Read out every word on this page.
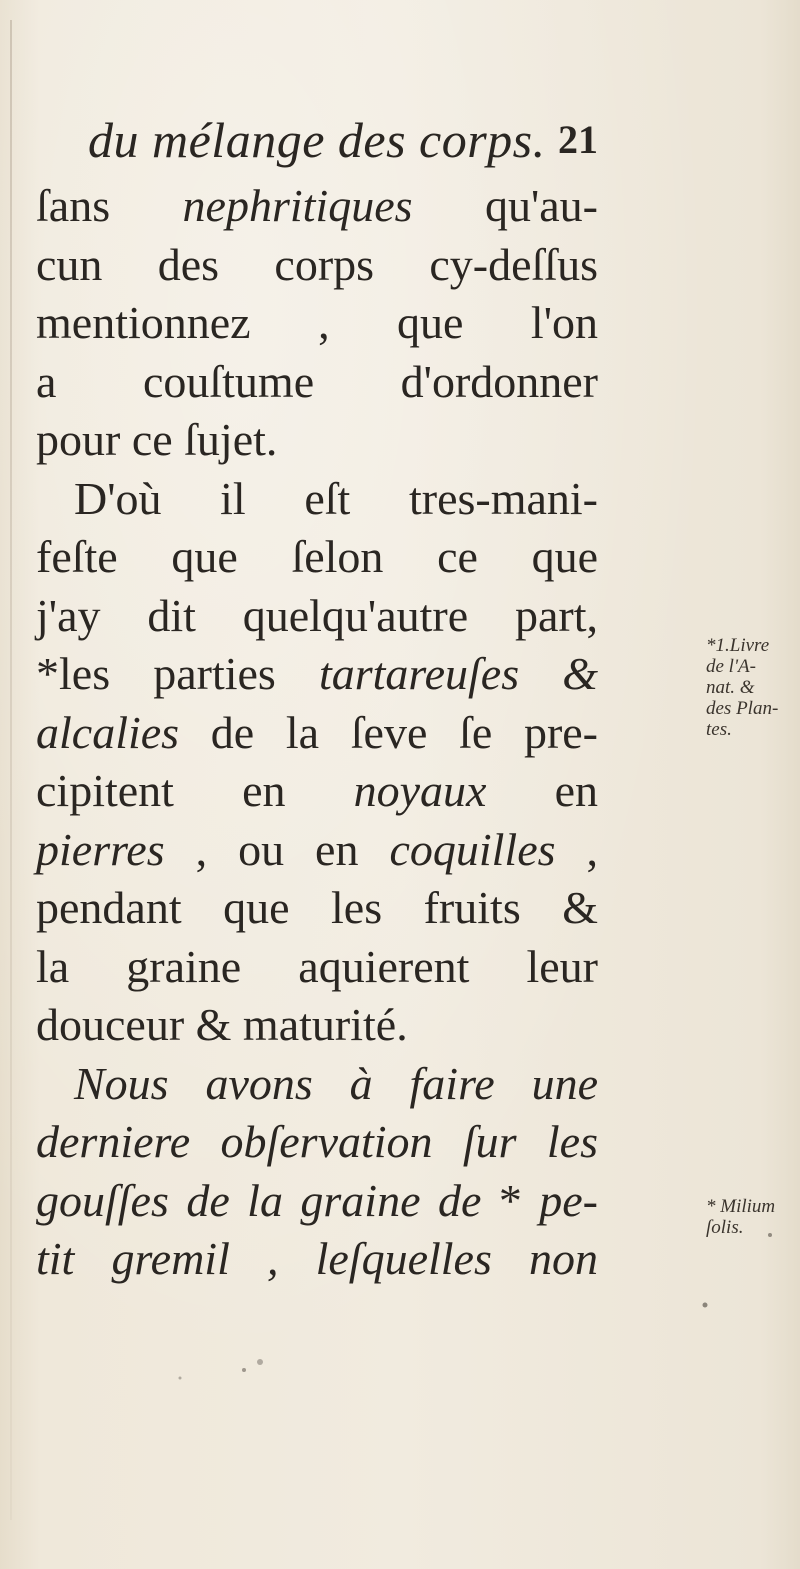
du mélange des corps. 21
ſans nephritiques qu'au-
cun des corps cy-deſſus
mentionnez , que l'on
a couſtume d'ordonner
pour ce ſujet.
D'où il eſt tres-mani-
feſte que ſelon ce que
j'ay dit quelqu'autre part,
*les parties tartareuſes &
alcalies de la ſeve ſe pre-
cipitent en noyaux en
pierres , ou en coquilles ,
pendant que les fruits &
la graine aquierent leur
douceur & maturité.
Nous avons à faire une
derniere obſervation ſur les
gouſſes de la graine de * pe-
tit gremil , leſquelles non
*1.Livre
de l'A-
nat. &
des Plan-
tes.
* Milium
ſolis.
